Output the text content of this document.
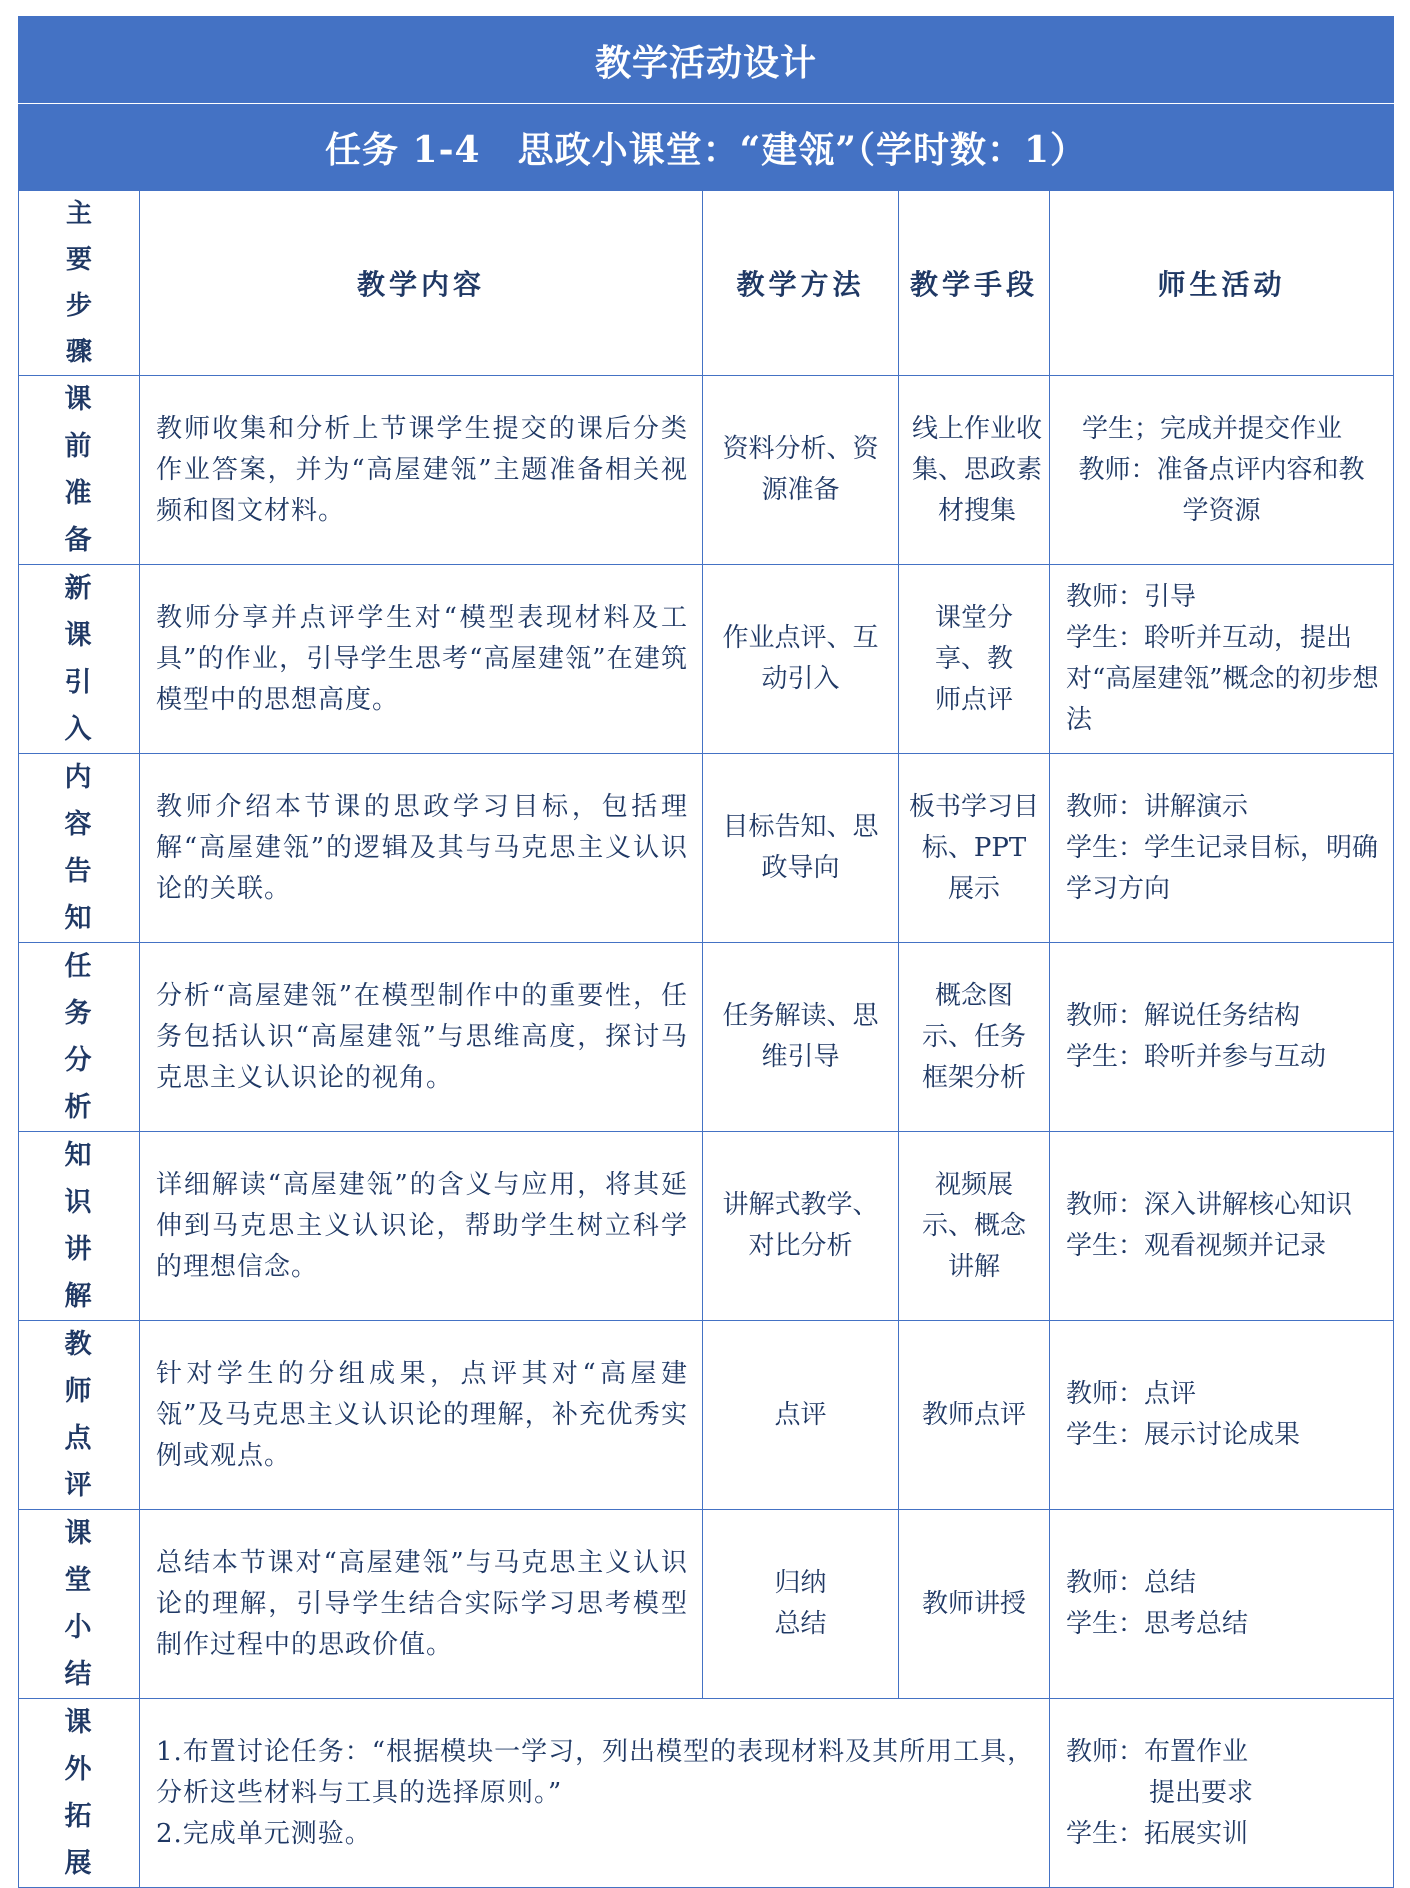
教学活动设计				
任务 1-4　思政小课堂：“建瓴”（学时数：1）				

主要步骤	教学内容	教学方法	教学手段	师生活动

课前准备	教师收集和分析上节课学生提交的课后分类作业答案，并为“高屋建瓴”主题准备相关视频和图文材料。	资料分析、资源准备	线上作业收集、思政素材搜集	学生；完成并提交作业
教师：准备点评内容和教学资源

新课引入	教师分享并点评学生对“模型表现材料及工具”的作业，引导学生思考“高屋建瓴”在建筑模型中的思想高度。	作业点评、互动引入	课堂分享、教师点评	教师：引导
学生：聆听并互动，提出对“高屋建瓴”概念的初步想法

内容告知	教师介绍本节课的思政学习目标，包括理解“高屋建瓴”的逻辑及其与马克思主义认识论的关联。	目标告知、思政导向	板书学习目标、PPT展示	教师：讲解演示
学生：学生记录目标，明确学习方向

任务分析	分析“高屋建瓴”在模型制作中的重要性，任务包括认识“高屋建瓴”与思维高度，探讨马克思主义认识论的视角。	任务解读、思维引导	概念图示、任务框架分析	教师：解说任务结构
学生：聆听并参与互动

知识讲解	详细解读“高屋建瓴”的含义与应用，将其延伸到马克思主义认识论，帮助学生树立科学的理想信念。	讲解式教学、对比分析	视频展示、概念讲解	教师：深入讲解核心知识
学生：观看视频并记录

教师点评	针对学生的分组成果，点评其对“高屋建瓴”及马克思主义认识论的理解，补充优秀实例或观点。	点评	教师点评	教师：点评
学生：展示讨论成果

课堂小结	总结本节课对“高屋建瓴”与马克思主义认识论的理解，引导学生结合实际学习思考模型制作过程中的思政价值。	归纳总结	教师讲授	教师：总结
学生：思考总结

课外拓展	1.布置讨论任务：“根据模块一学习，列出模型的表现材料及其所用工具，分析这些材料与工具的选择原则。”
2.完成单元测验。			教师：布置作业
提出要求
学生：拓展实训
